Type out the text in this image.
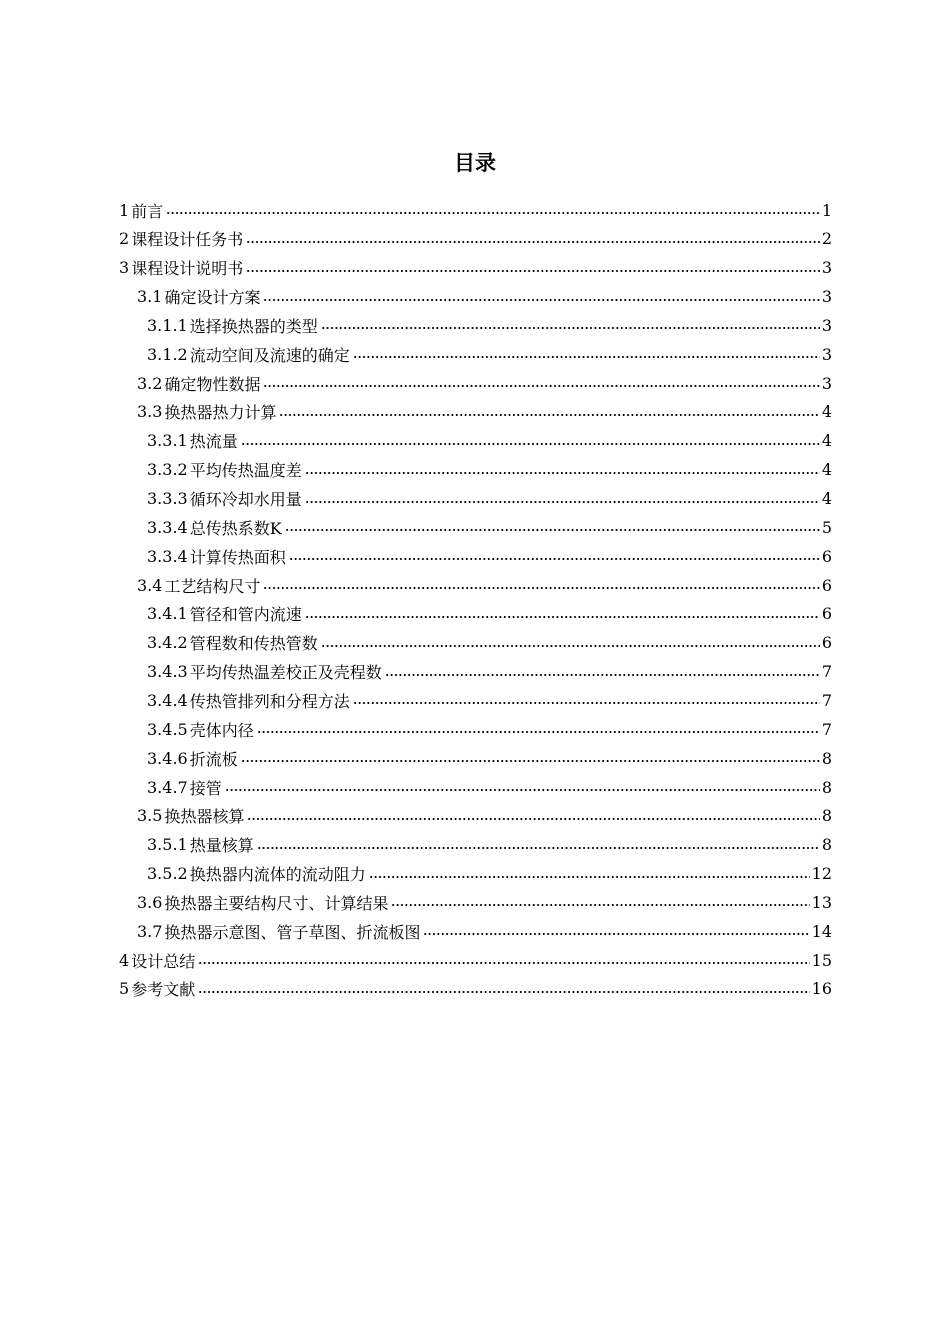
目录
1 前言	1
2 课程设计任务书	2
3 课程设计说明书	3
3.1 确定设计方案	3
3.1.1 选择换热器的类型	3
3.1.2 流动空间及流速的确定	3
3.2 确定物性数据	3
3.3 换热器热力计算	4
3.3.1 热流量	4
3.3.2 平均传热温度差	4
3.3.3 循环冷却水用量	4
3.3.4 总传热系数K	5
3.3.4 计算传热面积	6
3.4 工艺结构尺寸	6
3.4.1 管径和管内流速	6
3.4.2 管程数和传热管数	6
3.4.3 平均传热温差校正及壳程数	7
3.4.4 传热管排列和分程方法	7
3.4.5 壳体内径	7
3.4.6 折流板	8
3.4.7 接管	8
3.5 换热器核算	8
3.5.1 热量核算	8
3.5.2 换热器内流体的流动阻力	12
3.6 换热器主要结构尺寸、计算结果	13
3.7 换热器示意图、管子草图、折流板图	14
4 设计总结	15
5 参考文献	16
